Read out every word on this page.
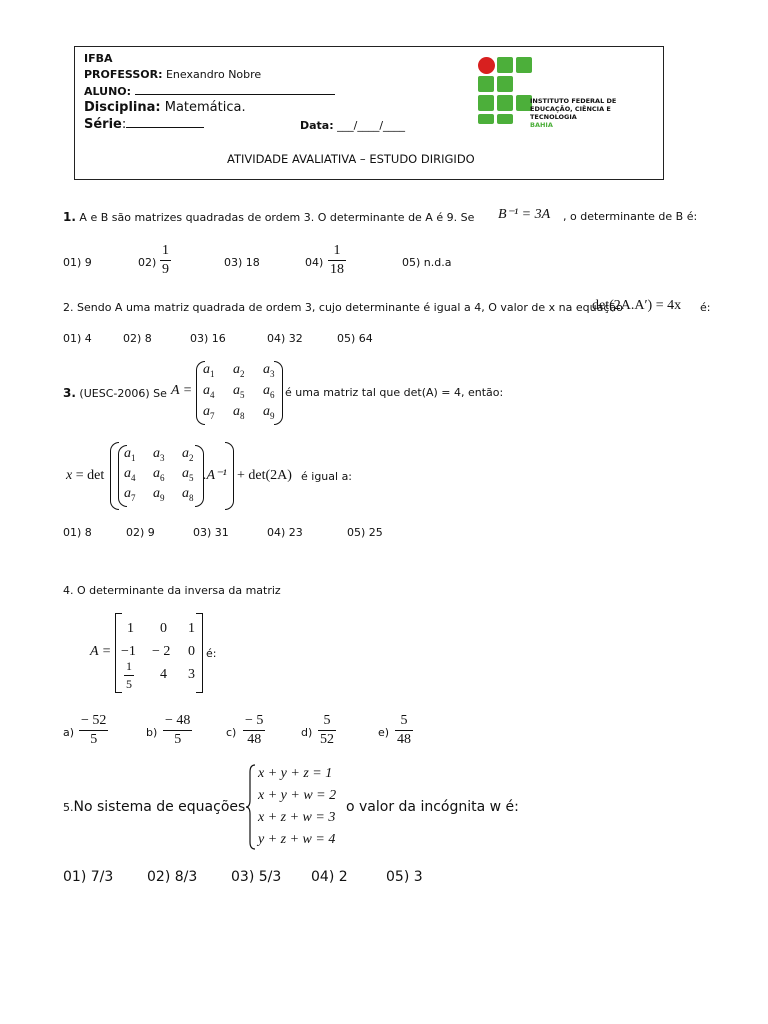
IFBA
PROFESSOR: Enexandro Nobre
ALUNO:
Disciplina: Matemática.
Série:	Data: ___/____/____
ATIVIDADE AVALIATIVA – ESTUDO DIRIGIDO
INSTITUTO FEDERAL DE
EDUCAÇÃO, CIÊNCIA E TECNOLOGIA
BAHIA
1. A e B são matrizes quadradas de ordem 3. O determinante de A é 9. Se B⁻¹ = 3A , o determinante de B é:
01) 9	02)
1
9	03) 18	04)
1
18	05) n.d.a
2. Sendo A uma matriz quadrada de ordem 3, cujo determinante é igual a 4, O valor de x na equação
det(2A.A′) = 4x é:
01) 4	02) 8	03) 16	04) 32	05) 64
3. (UESC-2006) Se A =
$a_1$ $a_2$ $a_3$
$a_4$ $a_5$ $a_6$
$a_7$ $a_8$ $a_9$
é uma matriz tal que det(A) = 4, então:
x = det
$a_1$ $a_3$ $a_2$
$a_4$ $a_6$ $a_5$
$a_7$ $a_9$ $a_8$
.A⁻¹ + det(2A) é igual a:
01) 8	02) 9	03) 31	04) 23	05) 25
4. O determinante da inversa da matriz
A =
1 0 1
−1 − 2 0
1
5
4 3
é:
a)
− 52
5	b)
− 48
5	c)
− 5
48	d)
5
52	e)
5
48
5.No sistema de equações
x + y + z = 1
x + y + w = 2
x + z + w = 3
y + z + w = 4
o valor da incógnita w é:
01) 7/3 02) 8/3 03) 5/3 04) 2	05) 3
